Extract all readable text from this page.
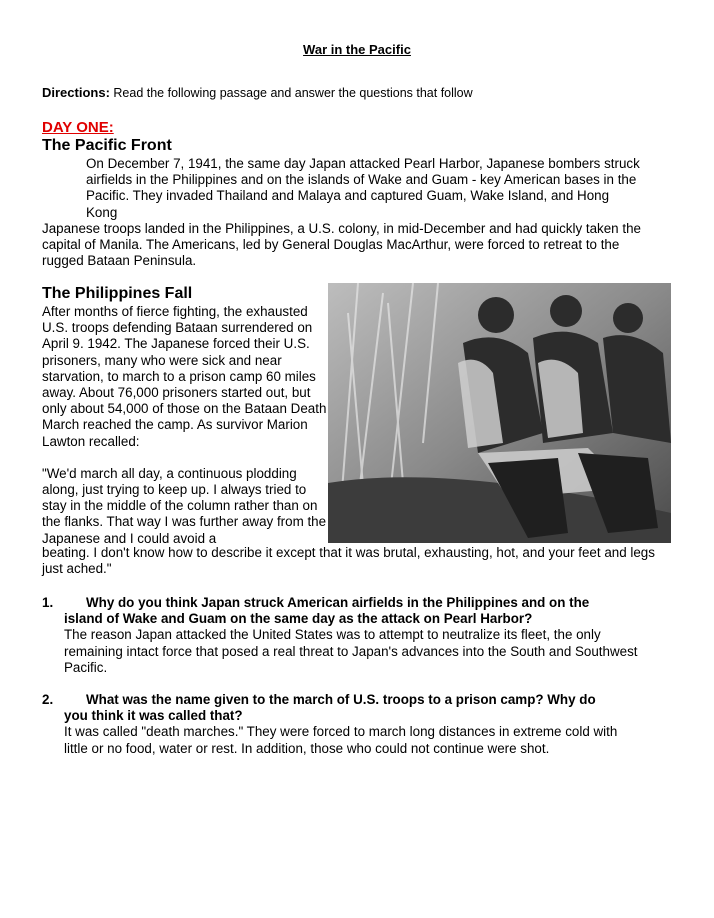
War in the Pacific
Directions: Read the following passage and answer the questions that follow
DAY ONE:
The Pacific Front
On December 7, 1941, the same day Japan attacked Pearl Harbor, Japanese bombers struck airfields in the Philippines and on the islands of Wake and Guam - key American bases in the Pacific. They invaded Thailand and Malaya and captured Guam, Wake Island, and Hong Kong
Japanese troops landed in the Philippines, a U.S. colony, in mid-December and had quickly taken the capital of Manila. The Americans, led by General Douglas MacArthur, were forced to retreat to the rugged Bataan Peninsula.
The Philippines Fall
After months of fierce fighting, the exhausted U.S. troops defending Bataan surrendered on April 9. 1942. The Japanese forced their U.S. prisoners, many who were sick and near starvation, to march to a prison camp 60 miles away. About 76,000 prisoners started out, but only about 54,000 of those on the Bataan Death March reached the camp. As survivor Marion Lawton recalled:
"We'd march all day, a continuous plodding along, just trying to keep up. I always tried to stay in the middle of the column rather than on the flanks. That way I was further away from the Japanese and I could avoid a
beating. I don't know how to describe it except that it was brutal, exhausting, hot, and your feet and legs just ached."
1. Why do you think Japan struck American airfields in the Philippines and on the
island of Wake and Guam on the same day as the attack on Pearl Harbor?
The reason Japan attacked the United States was to attempt to neutralize its fleet, the only remaining intact force that posed a real threat to Japan's advances into the South and Southwest Pacific.
2. What was the name given to the march of U.S. troops to a prison camp? Why do
you think it was called that?
It was called "death marches." They were forced to march long distances in extreme cold with little or no food, water or rest. In addition, those who could not continue were shot.
